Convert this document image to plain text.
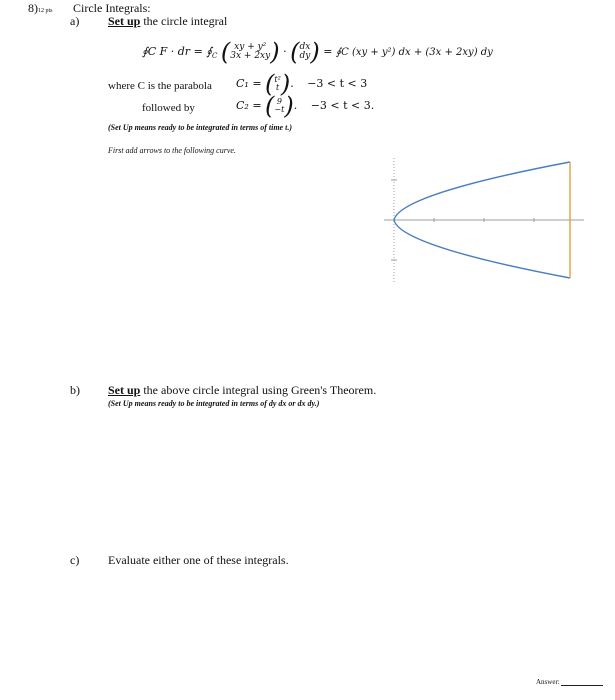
8)12 pts Circle Integrals:
a) Set up the circle integral
∮C F · dr = $∮_C$ ( xy + y²
3x + 2xy ) · ( dx
dy ) = ∮C (xy + y²) dx + (3x + 2xy) dy
where C is the parabola C₁ = ( t²
t ). −3 < t < 3
followed by	C₂ = ( 9
−t ). −3 < t < 3.
(Set Up means ready to be integrated in terms of time t.)
First add arrows to the following curve.
b) Set up the above circle integral using Green's Theorem.
(Set Up means ready to be integrated in terms of dy dx or dx dy.)
c) Evaluate either one of these integrals.
Answer:
